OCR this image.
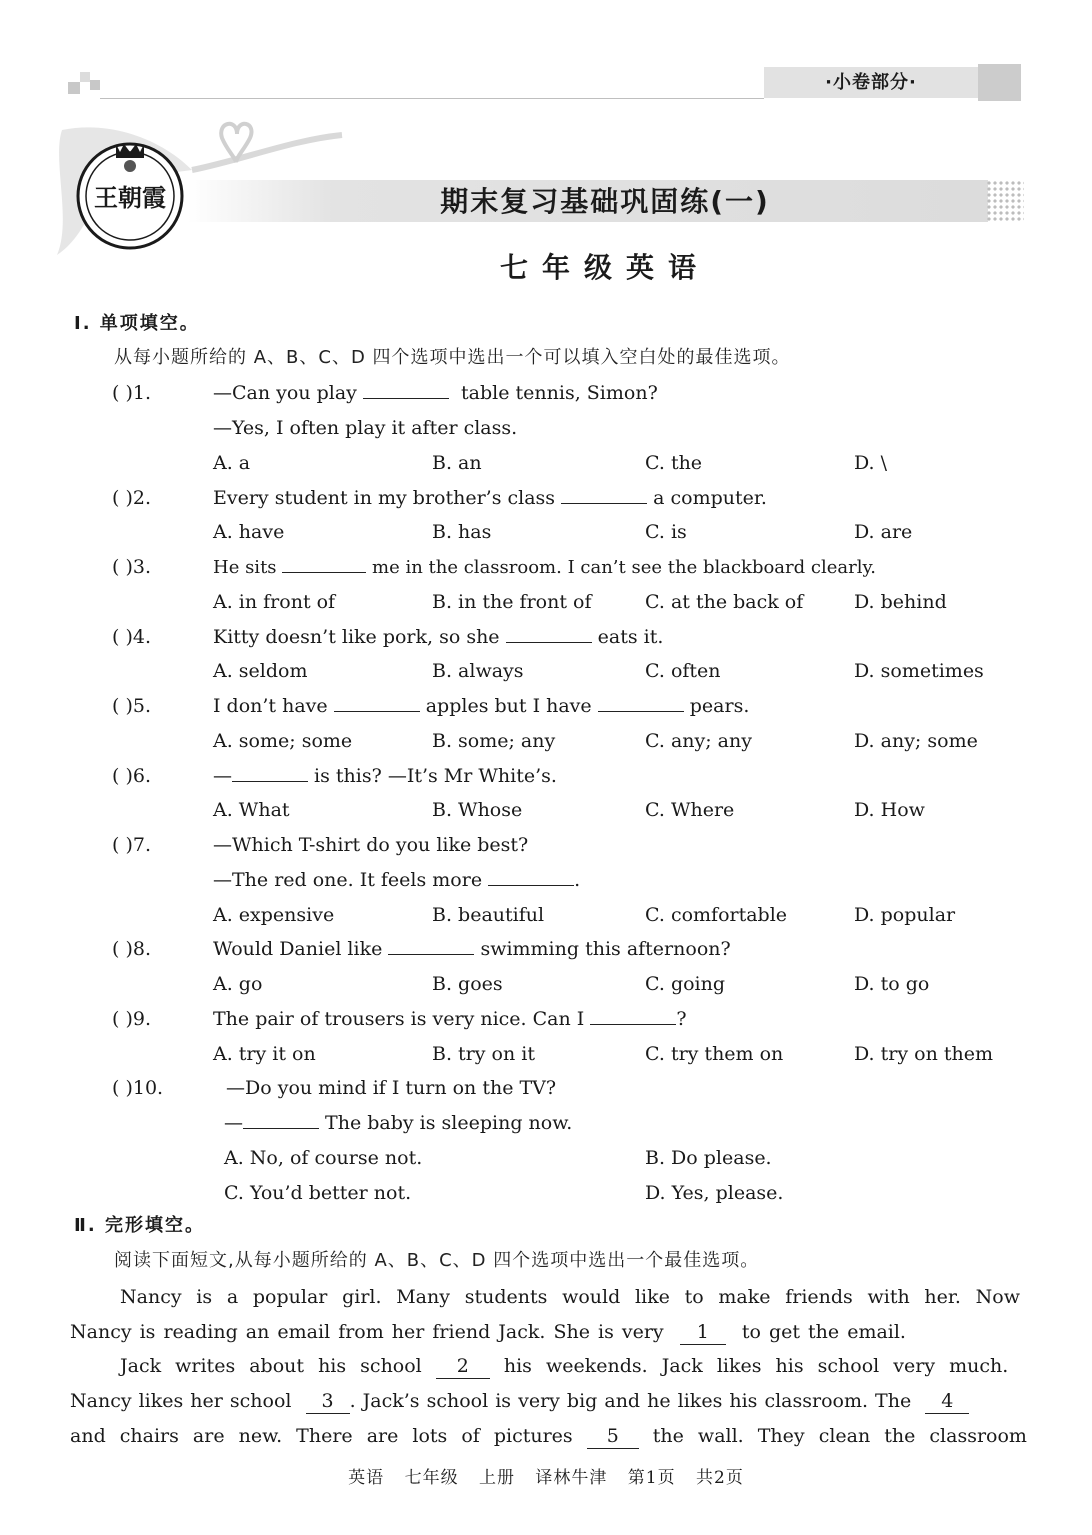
·小卷部分·
王朝霞	期末复习基础巩固练(一)
七年级英语
Ⅰ. 单项填空。
从每小题所给的 A、B、C、D 四个选项中选出一个可以填入空白处的最佳选项。
( )1.	—Can you play	table tennis, Simon?
—Yes, I often play it after class.
A. a	B. an	C. the	D. \
( )2.	Every student in my brother’s class	a computer.
A. have	B. has	C. is	D. are
( )3.	He sits	me in the classroom. I can’t see the blackboard clearly.
A. in front of	B. in the front of	C. at the back of	D. behind
( )4.	Kitty doesn’t like pork, so she	eats it.
A. seldom	B. always	C. often	D. sometimes
( )5.	I don’t have	apples but I have	pears.
A. some; some	B. some; any	C. any; any	D. any; some
( )6.	—	is this? —It’s Mr White’s.
A. What	B. Whose	C. Where	D. How
( )7.	—Which T-shirt do you like best?
—The red one. It feels more	.
A. expensive	B. beautiful	C. comfortable	D. popular
( )8.	Would Daniel like	swimming this afternoon?
A. go	B. goes	C. going	D. to go
( )9.	The pair of trousers is very nice. Can I	?
A. try it on	B. try on it	C. try them on	D. try on them
( )10.	—Do you mind if I turn on the TV?
—	The baby is sleeping now.
A. No, of course not.	B. Do please.
C. You’d better not.	D. Yes, please.
Ⅱ. 完形填空。
阅读下面短文,从每小题所给的 A、B、C、D 四个选项中选出一个最佳选项。
Nancy is a popular girl. Many students would like to make friends with her. Now
Nancy is reading an email from her friend Jack. She is very 1 to get the email.
Jack writes about his school 2 his weekends. Jack likes his school very much.
Nancy likes her school 3 . Jack’s school is very big and he likes his classroom. The 4
and chairs are new. There are lots of pictures 5 the wall. They clean the classroom
英语 七年级 上册 译林牛津 第1页 共2页
